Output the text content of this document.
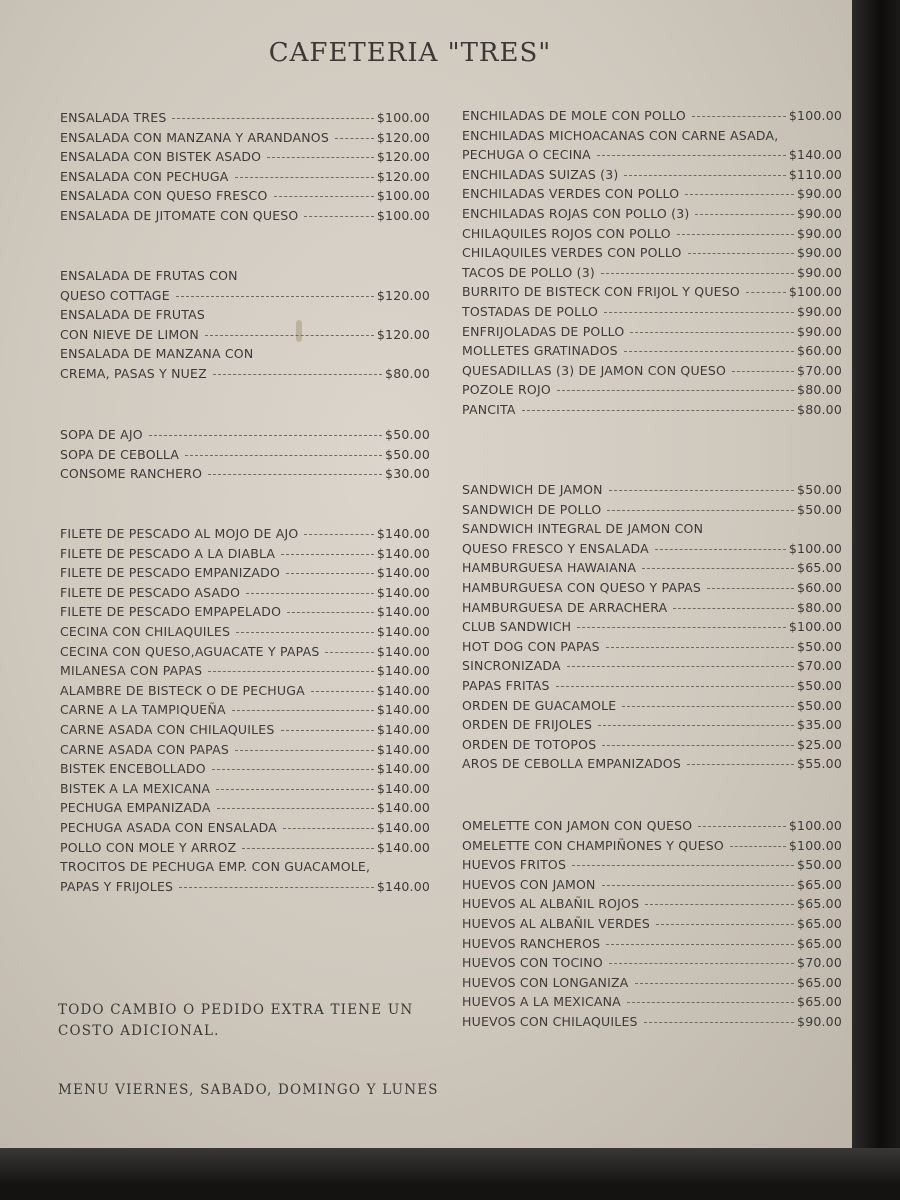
CAFETERIA "TRES"
ENSALADA TRES	$100.00
ENSALADA CON MANZANA Y ARANDANOS	$120.00
ENSALADA CON BISTEK ASADO	$120.00
ENSALADA CON PECHUGA	$120.00
ENSALADA CON QUESO FRESCO	$100.00
ENSALADA DE JITOMATE CON QUESO	$100.00
ENSALADA DE FRUTAS CON
QUESO COTTAGE	$120.00
ENSALADA DE FRUTAS
CON NIEVE DE LIMON	$120.00
ENSALADA DE MANZANA CON
CREMA, PASAS Y NUEZ	$80.00
SOPA DE AJO	$50.00
SOPA DE CEBOLLA	$50.00
CONSOME RANCHERO	$30.00
FILETE DE PESCADO AL MOJO DE AJO	$140.00
FILETE DE PESCADO A LA DIABLA	$140.00
FILETE DE PESCADO EMPANIZADO	$140.00
FILETE DE PESCADO ASADO	$140.00
FILETE DE PESCADO EMPAPELADO	$140.00
CECINA CON CHILAQUILES	$140.00
CECINA CON QUESO,AGUACATE Y PAPAS	$140.00
MILANESA CON PAPAS	$140.00
ALAMBRE DE BISTECK O DE PECHUGA	$140.00
CARNE A LA TAMPIQUEÑA	$140.00
CARNE ASADA CON CHILAQUILES	$140.00
CARNE ASADA CON PAPAS	$140.00
BISTEK ENCEBOLLADO	$140.00
BISTEK A LA MEXICANA	$140.00
PECHUGA EMPANIZADA	$140.00
PECHUGA ASADA CON ENSALADA	$140.00
POLLO CON MOLE Y ARROZ	$140.00
TROCITOS DE PECHUGA EMP. CON GUACAMOLE,
PAPAS Y FRIJOLES	$140.00
TODO CAMBIO O PEDIDO EXTRA TIENE UN COSTO ADICIONAL.
MENU VIERNES, SABADO, DOMINGO Y LUNES
ENCHILADAS DE MOLE CON POLLO	$100.00
ENCHILADAS MICHOACANAS CON CARNE ASADA,
PECHUGA O CECINA	$140.00
ENCHILADAS SUIZAS (3)	$110.00
ENCHILADAS VERDES CON POLLO	$90.00
ENCHILADAS ROJAS CON POLLO (3)	$90.00
CHILAQUILES ROJOS CON POLLO	$90.00
CHILAQUILES VERDES CON POLLO	$90.00
TACOS DE POLLO (3)	$90.00
BURRITO DE BISTECK CON FRIJOL Y QUESO	$100.00
TOSTADAS DE POLLO	$90.00
ENFRIJOLADAS DE POLLO	$90.00
MOLLETES GRATINADOS	$60.00
QUESADILLAS (3) DE JAMON CON QUESO	$70.00
POZOLE ROJO	$80.00
PANCITA	$80.00
SANDWICH DE JAMON	$50.00
SANDWICH DE POLLO	$50.00
SANDWICH INTEGRAL DE JAMON CON
QUESO FRESCO Y ENSALADA	$100.00
HAMBURGUESA HAWAIANA	$65.00
HAMBURGUESA CON QUESO Y PAPAS	$60.00
HAMBURGUESA DE ARRACHERA	$80.00
CLUB SANDWICH	$100.00
HOT DOG CON PAPAS	$50.00
SINCRONIZADA	$70.00
PAPAS FRITAS	$50.00
ORDEN DE GUACAMOLE	$50.00
ORDEN DE FRIJOLES	$35.00
ORDEN DE TOTOPOS	$25.00
AROS DE CEBOLLA EMPANIZADOS	$55.00
OMELETTE CON JAMON CON QUESO	$100.00
OMELETTE CON CHAMPIÑONES Y QUESO	$100.00
HUEVOS FRITOS	$50.00
HUEVOS CON JAMON	$65.00
HUEVOS AL ALBAÑIL ROJOS	$65.00
HUEVOS AL ALBAÑIL VERDES	$65.00
HUEVOS RANCHEROS	$65.00
HUEVOS CON TOCINO	$70.00
HUEVOS CON LONGANIZA	$65.00
HUEVOS A LA MEXICANA	$65.00
HUEVOS CON CHILAQUILES	$90.00
